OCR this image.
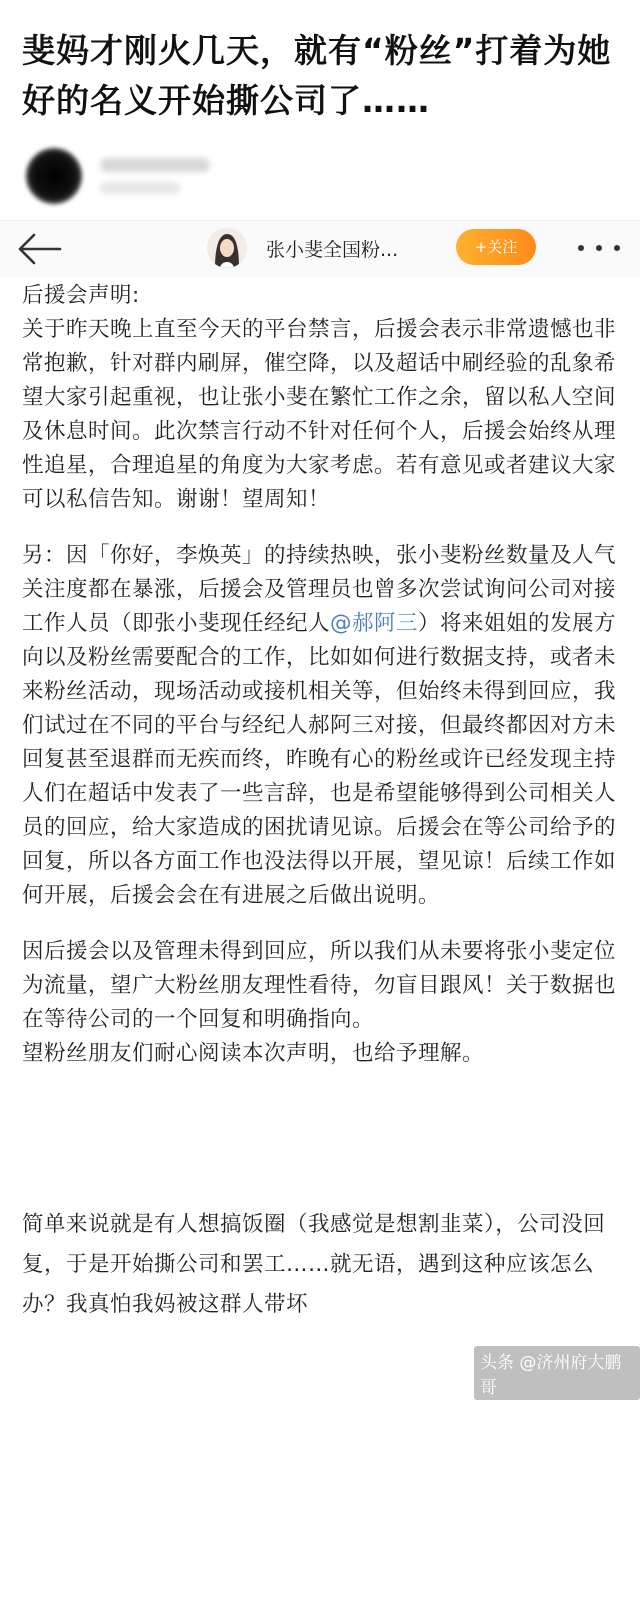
斐妈才刚火几天，就有“粉丝”打着为她好的名义开始撕公司了……
张小斐全国粉...	+关注

后援会声明:

关于昨天晚上直至今天的平台禁言，后援会表示非常遗憾也非常抱歉，针对群内刷屏，催空降，以及超话中刷经验的乱象希望大家引起重视，也让张小斐在繁忙工作之余，留以私人空间及休息时间。此次禁言行动不针对任何个人，后援会始终从理性追星，合理追星的角度为大家考虑。若有意见或者建议大家可以私信告知。谢谢！望周知！

另：因「你好，李焕英」的持续热映，张小斐粉丝数量及人气关注度都在暴涨，后援会及管理员也曾多次尝试询问公司对接工作人员（即张小斐现任经纪人@郝阿三）将来姐姐的发展方向以及粉丝需要配合的工作，比如如何进行数据支持，或者未来粉丝活动，现场活动或接机相关等，但始终未得到回应，我们试过在不同的平台与经纪人郝阿三对接，但最终都因对方未回复甚至退群而无疾而终，昨晚有心的粉丝或许已经发现主持人们在超话中发表了一些言辞，也是希望能够得到公司相关人员的回应，给大家造成的困扰请见谅。后援会在等公司给予的回复，所以各方面工作也没法得以开展，望见谅！后续工作如何开展，后援会会在有进展之后做出说明。

因后援会以及管理未得到回应，所以我们从未要将张小斐定位为流量，望广大粉丝朋友理性看待，勿盲目跟风！关于数据也在等待公司的一个回复和明确指向。

望粉丝朋友们耐心阅读本次声明，也给予理解。

简单来说就是有人想搞饭圈（我感觉是想割韭菜），公司没回复，于是开始撕公司和罢工……就无语，遇到这种应该怎么办？我真怕我妈被这群人带坏
头条 @济州府大鹏哥
